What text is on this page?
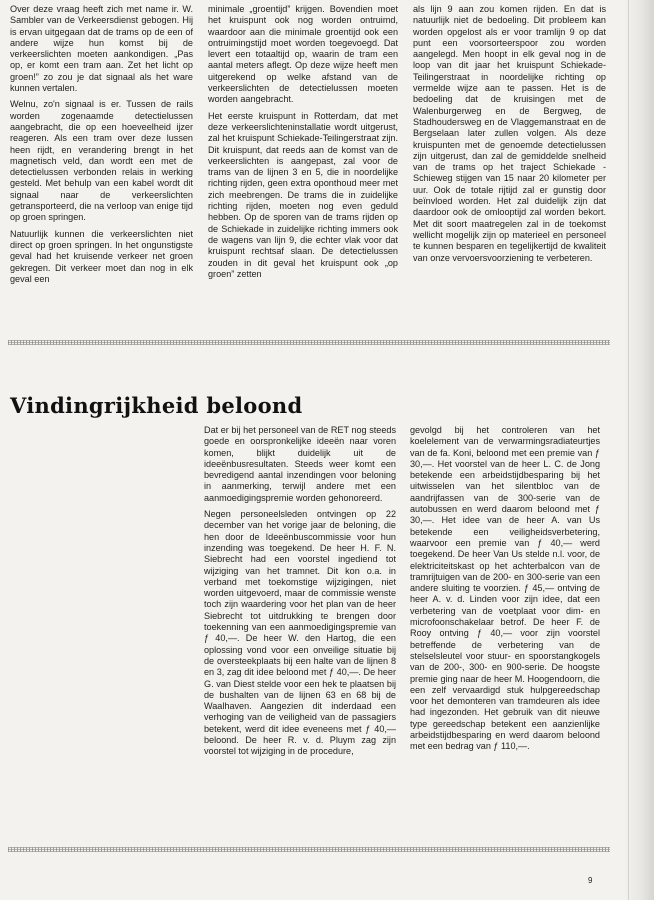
Over deze vraag heeft zich met name ir. W. Sambler van de Verkeersdienst gebogen. Hij is ervan uitgegaan dat de trams op de een of andere wijze hun komst bij de verkeerslichten moeten aankondigen. „Pas op, er komt een tram aan. Zet het licht op groen!” zo zou je dat signaal als het ware kunnen vertalen.

Welnu, zo'n signaal is er. Tussen de rails worden zogenaamde detectielussen aangebracht, die op een hoeveelheid ijzer reageren. Als een tram over deze lussen heen rijdt, en verandering brengt in het magnetisch veld, dan wordt een met de detectielussen verbonden relais in werking gesteld. Met behulp van een kabel wordt dit signaal naar de verkeerslichten getransporteerd, die na verloop van enige tijd op groen springen.

Natuurlijk kunnen die verkeerslichten niet direct op groen springen. In het ongunstigste geval had het kruisende verkeer net groen gekregen. Dit verkeer moet dan nog in elk geval een

minimale „groentijd” krijgen. Bovendien moet het kruispunt ook nog worden ontruimd, waardoor aan die minimale groentijd ook een ontruimingstijd moet worden toegevoegd. Dat levert een totaaltijd op, waarin de tram een aantal meters aflegt. Op deze wijze heeft men uitgerekend op welke afstand van de verkeerslichten de detectielussen moeten worden aangebracht.

Het eerste kruispunt in Rotterdam, dat met deze verkeerslichteninstallatie wordt uitgerust, zal het kruispunt Schiekade-Teilingerstraat zijn. Dit kruispunt, dat reeds aan de komst van de verkeerslichten is aangepast, zal voor de trams van de lijnen 3 en 5, die in noordelijke richting rijden, geen extra oponthoud meer met zich meebrengen. De trams die in zuidelijke richting rijden, moeten nog even geduld hebben. Op de sporen van de trams rijden op de Schiekade in zuidelijke richting immers ook de wagens van lijn 9, die echter vlak voor dat kruispunt rechtsaf slaan. De detectielussen zouden in dit geval het kruispunt ook „op groen” zetten

als lijn 9 aan zou komen rijden. En dat is natuurlijk niet de bedoeling. Dit probleem kan worden opgelost als er voor tramlijn 9 op dat punt een voorsorteerspoor zou worden aangelegd. Men hoopt in elk geval nog in de loop van dit jaar het kruispunt Schiekade-Teilingerstraat in noordelijke richting op vermelde wijze aan te passen. Het is de bedoeling dat de kruisingen met de Walenburgerweg en de Bergweg, de Stadhoudersweg en de Vlaggemanstraat en de Bergselaan later zullen volgen. Als deze kruispunten met de genoemde detectielussen zijn uitgerust, dan zal de gemiddelde snelheid van de trams op het traject Schiekade - Schieweg stijgen van 15 naar 20 kilometer per uur. Ook de totale rijtijd zal er gunstig door beïnvloed worden. Het zal duidelijk zijn dat daardoor ook de omlooptijd zal worden bekort. Met dit soort maatregelen zal in de toekomst wellicht mogelijk zijn op materieel en personeel te kunnen besparen en tegelijkertijd de kwaliteit van onze vervoersvoorziening te verbeteren.

Vindingrijkheid beloond

Dat er bij het personeel van de RET nog steeds goede en oorspronkelijke ideeën naar voren komen, blijkt duidelijk uit de ideeënbusresultaten. Steeds weer komt een bevredigend aantal inzendingen voor beloning in aanmerking, terwijl andere met een aanmoedigingspremie worden gehonoreerd.

Negen personeelsleden ontvingen op 22 december van het vorige jaar de beloning, die hen door de Ideeënbuscommissie voor hun inzending was toegekend. De heer H. F. N. Siebrecht had een voorstel ingediend tot wijziging van het tramnet. Dit kon o.a. in verband met toekomstige wijzigingen, niet worden uitgevoerd, maar de commissie wenste toch zijn waardering voor het plan van de heer Siebrecht tot uitdrukking te brengen door toekenning van een aanmoedigingspremie van ƒ 40,—. De heer W. den Hartog, die een oplossing vond voor een onveilige situatie bij de oversteekplaats bij een halte van de lijnen 8 en 3, zag dit idee beloond met ƒ 40,—. De heer G. van Diest stelde voor een hek te plaatsen bij de bushalten van de lijnen 63 en 68 bij de Waalhaven. Aangezien dit inderdaad een verhoging van de veiligheid van de passagiers betekent, werd dit idee eveneens met ƒ 40,— beloond. De heer R. v. d. Pluym zag zijn voorstel tot wijziging in de procedure,

gevolgd bij het controleren van het koelelement van de verwarmingsradiateurtjes van de fa. Koni, beloond met een premie van ƒ 30,—. Het voorstel van de heer L. C. de Jong betekende een arbeidstijdbesparing bij het uitwisselen van het silentbloc van de aandrijfassen van de 300-serie van de autobussen en werd daarom beloond met ƒ 30,—. Het idee van de heer A. van Us betekende een veiligheidsverbetering, waarvoor een premie van ƒ 40,— werd toegekend. De heer Van Us stelde n.l. voor, de elektriciteitskast op het achterbalcon van de tramrijtuigen van de 200- en 300-serie van een andere sluiting te voorzien. ƒ 45,— ontving de heer A. v. d. Linden voor zijn idee, dat een verbetering van de voetplaat voor dim- en microfoonschakelaar betrof. De heer F. de Rooy ontving ƒ 40,— voor zijn voorstel betreffende de verbetering van de stelselsleutel voor stuur- en spoorstangkogels van de 200-, 300- en 900-serie. De hoogste premie ging naar de heer M. Hoogendoorn, die een zelf vervaardigd stuk hulpgereedschap voor het demonteren van tramdeuren als idee had ingezonden. Het gebruik van dit nieuwe type gereedschap betekent een aanzienlijke arbeidstijdbesparing en werd daarom beloond met een bedrag van ƒ 110,—.

9
